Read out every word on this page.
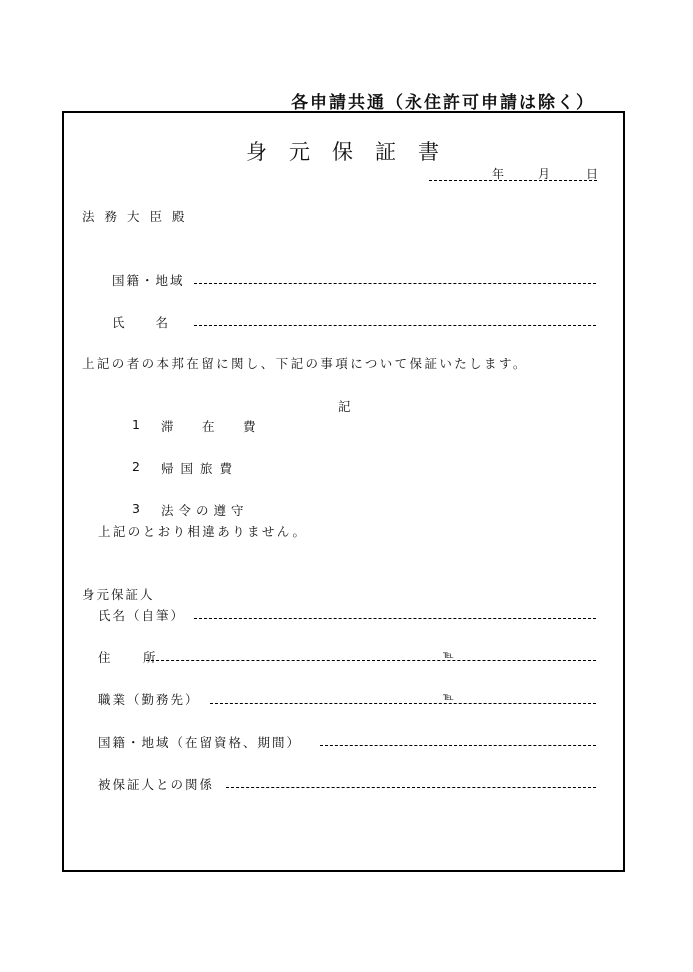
各申請共通（永住許可申請は除く）
身元保証書
年	月	日
法務大臣殿
国籍・地域
氏　　名
上記の者の本邦在留に関し、下記の事項について保証いたします。
記
1 滞　在　費
2 帰国旅費
3 法令の遵守
上記のとおり相違ありません。
身元保証人
氏名（自筆）
住　所	℡
職業（勤務先）	℡
国籍・地域（在留資格、期間）
被保証人との関係
